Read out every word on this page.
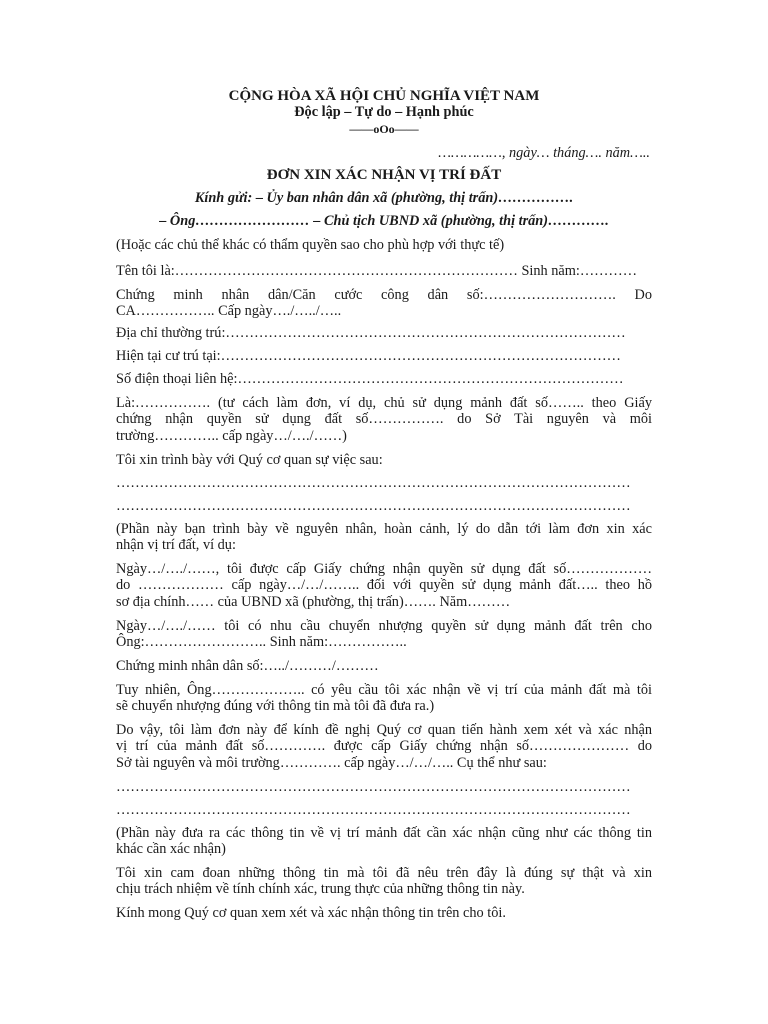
CỘNG HÒA XÃ HỘI CHỦ NGHĨA VIỆT NAM
Độc lập – Tự do – Hạnh phúc
——oOo——
……………, ngày… tháng…. năm…..
ĐƠN XIN XÁC NHẬN VỊ TRÍ ĐẤT
Kính gửi: – Ủy ban nhân dân xã (phường, thị trấn)…………….
– Ông…………………… – Chủ tịch UBND xã (phường, thị trấn)………….
(Hoặc các chủ thể khác có thẩm quyền sao cho phù hợp với thực tế)
Tên tôi là:……………………………………………………………… Sinh năm:…………
Chứng minh nhân dân/Căn cước công dân số:………………………. Do
CA…………….. Cấp ngày…./…../…..
Địa chỉ thường trú:…………………………………………………………………………
Hiện tại cư trú tại:…………………………………………………………………………
Số điện thoại liên hệ:………………………………………………………………………
Là:……………. (tư cách làm đơn, ví dụ, chủ sử dụng mảnh đất số…….. theo Giấy
chứng nhận quyền sử dụng đất số……………. do Sở Tài nguyên và môi
trường………….. cấp ngày…/…./……)
Tôi xin trình bày với Quý cơ quan sự việc sau:
………………………………………………………………………………………………
………………………………………………………………………………………………
(Phần này bạn trình bày về nguyên nhân, hoàn cảnh, lý do dẫn tới làm đơn xin xác
nhận vị trí đất, ví dụ:
Ngày…/…./……, tôi được cấp Giấy chứng nhận quyền sử dụng đất số………………
do ……………… cấp ngày…/…/…….. đối với quyền sử dụng mảnh đất….. theo hồ
sơ địa chính…… của UBND xã (phường, thị trấn)……. Năm………
Ngày…/…./…… tôi có nhu cầu chuyển nhượng quyền sử dụng mảnh đất trên cho
Ông:…………………….. Sinh năm:……………..
Chứng minh nhân dân số:…../………/………
Tuy nhiên, Ông……………….. có yêu cầu tôi xác nhận về vị trí của mảnh đất mà tôi
sẽ chuyển nhượng đúng với thông tin mà tôi đã đưa ra.)
Do vậy, tôi làm đơn này để kính đề nghị Quý cơ quan tiến hành xem xét và xác nhận
vị trí của mảnh đất số…………. được cấp Giấy chứng nhận số………………… do
Sở tài nguyên và môi trường…………. cấp ngày…/…/….. Cụ thể như sau:
………………………………………………………………………………………………
………………………………………………………………………………………………
(Phần này đưa ra các thông tin về vị trí mảnh đất cần xác nhận cũng như các thông tin
khác cần xác nhận)
Tôi xin cam đoan những thông tin mà tôi đã nêu trên đây là đúng sự thật và xin
chịu trách nhiệm về tính chính xác, trung thực của những thông tin này.
Kính mong Quý cơ quan xem xét và xác nhận thông tin trên cho tôi.
